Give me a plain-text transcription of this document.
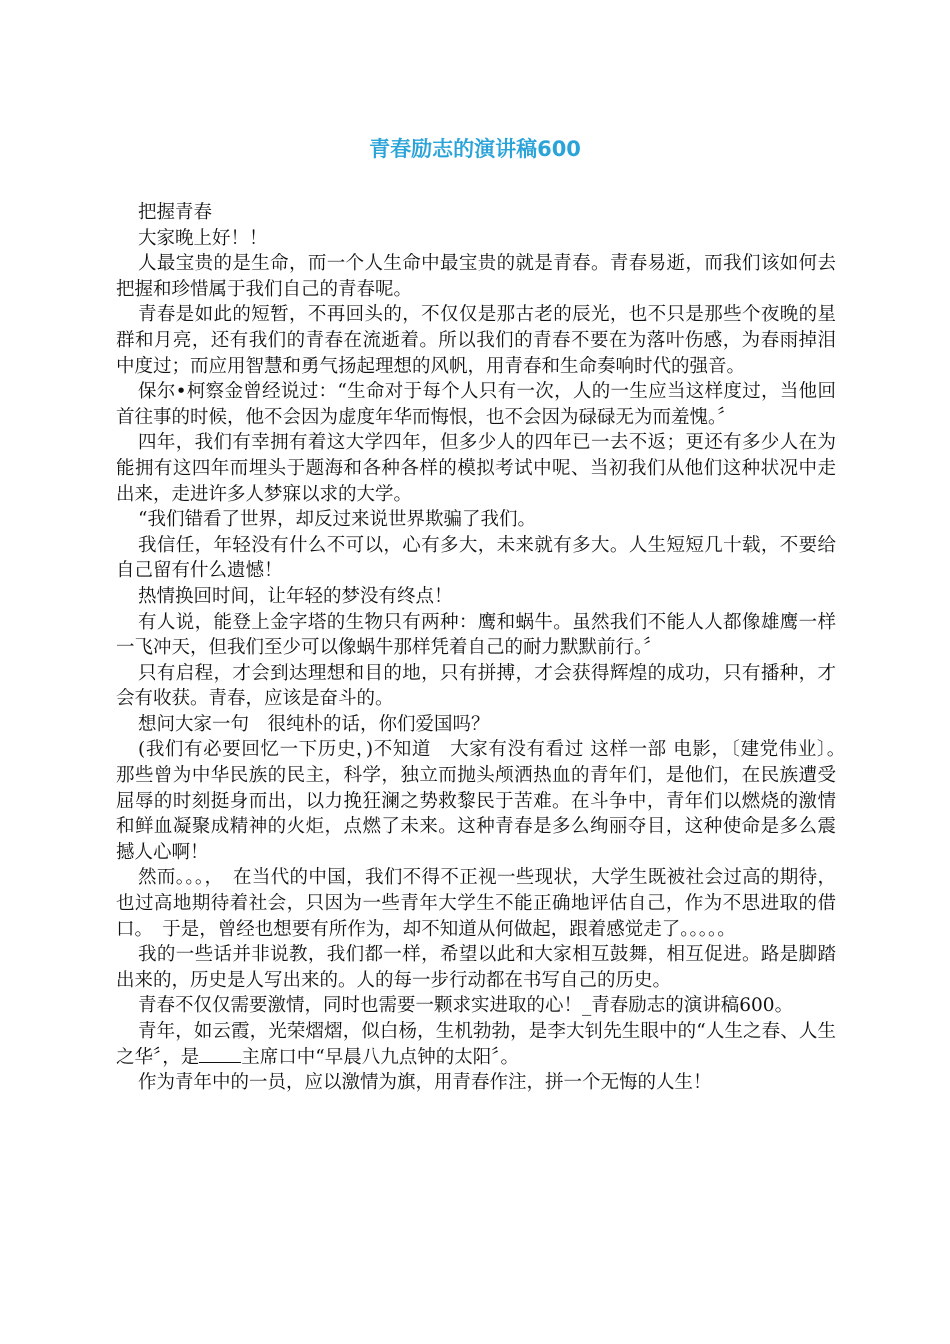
青春励志的演讲稿600

把握青春

大家晚上好！！

人最宝贵的是生命，而一个人生命中最宝贵的就是青春。青春易逝，而我们该如何去把握和珍惜属于我们自己的青春呢。

青春是如此的短暂，不再回头的，不仅仅是那古老的辰光，也不只是那些个夜晚的星群和月亮，还有我们的青春在流逝着。所以我们的青春不要在为落叶伤感，为春雨掉泪中度过；而应用智慧和勇气扬起理想的风帆，用青春和生命奏响时代的强音。

保尔•柯察金曾经说过：“生命对于每个人只有一次，人的一生应当这样度过，当他回首往事的时候，他不会因为虚度年华而悔恨，也不会因为碌碌无为而羞愧。〞

四年，我们有幸拥有着这大学四年，但多少人的四年已一去不返；更还有多少人在为能拥有这四年而埋头于题海和各种各样的模拟考试中呢、当初我们从他们这种状况中走出来，走进许多人梦寐以求的大学。

“我们错看了世界，却反过来说世界欺骗了我们。

我信任，年轻没有什么不可以，心有多大，未来就有多大。人生短短几十载，不要给自己留有什么遗憾！

热情换回时间，让年轻的梦没有终点！

有人说，能登上金字塔的生物只有两种：鹰和蜗牛。虽然我们不能人人都像雄鹰一样一飞冲天，但我们至少可以像蜗牛那样凭着自己的耐力默默前行。〞

只有启程，才会到达理想和目的地，只有拼搏，才会获得辉煌的成功，只有播种，才会有收获。青春，应该是奋斗的。

想问大家一句　很纯朴的话，你们爱国吗？

(我们有必要回忆一下历史，)不知道　大家有没有看过 这样一部 电影，〔建党伟业〕。　　　那些曾为中华民族的民主，科学，独立而抛头颅洒热血的青年们，是他们，在民族遭受屈辱的时刻挺身而出，以力挽狂澜之势救黎民于苦难。在斗争中，青年们以燃烧的激情和鲜血凝聚成精神的火炬，点燃了未来。这种青春是多么绚丽夺目，这种使命是多么震撼人心啊！

然而。。。，　在当代的中国，我们不得不正视一些现状，大学生既被社会过高的期待，也过高地期待着社会，只因为一些青年大学生不能正确地评估自己，作为不思进取的借口。　于是，曾经也想要有所作为，却不知道从何做起，跟着感觉走了。。。。。

我的一些话并非说教，我们都一样，希望以此和大家相互鼓舞，相互促进。路是脚踏出来的，历史是人写出来的。人的每一步行动都在书写自己的历史。

青春不仅仅需要激情，同时也需要一颗求实进取的心！_青春励志的演讲稿600。

青年，如云霞，光荣熠熠，似白杨，生机勃勃，是李大钊先生眼中的“人生之春、人生之华〞，是 主席口中“早晨八九点钟的太阳〞。

作为青年中的一员，应以激情为旗，用青春作注，拼一个无悔的人生！
